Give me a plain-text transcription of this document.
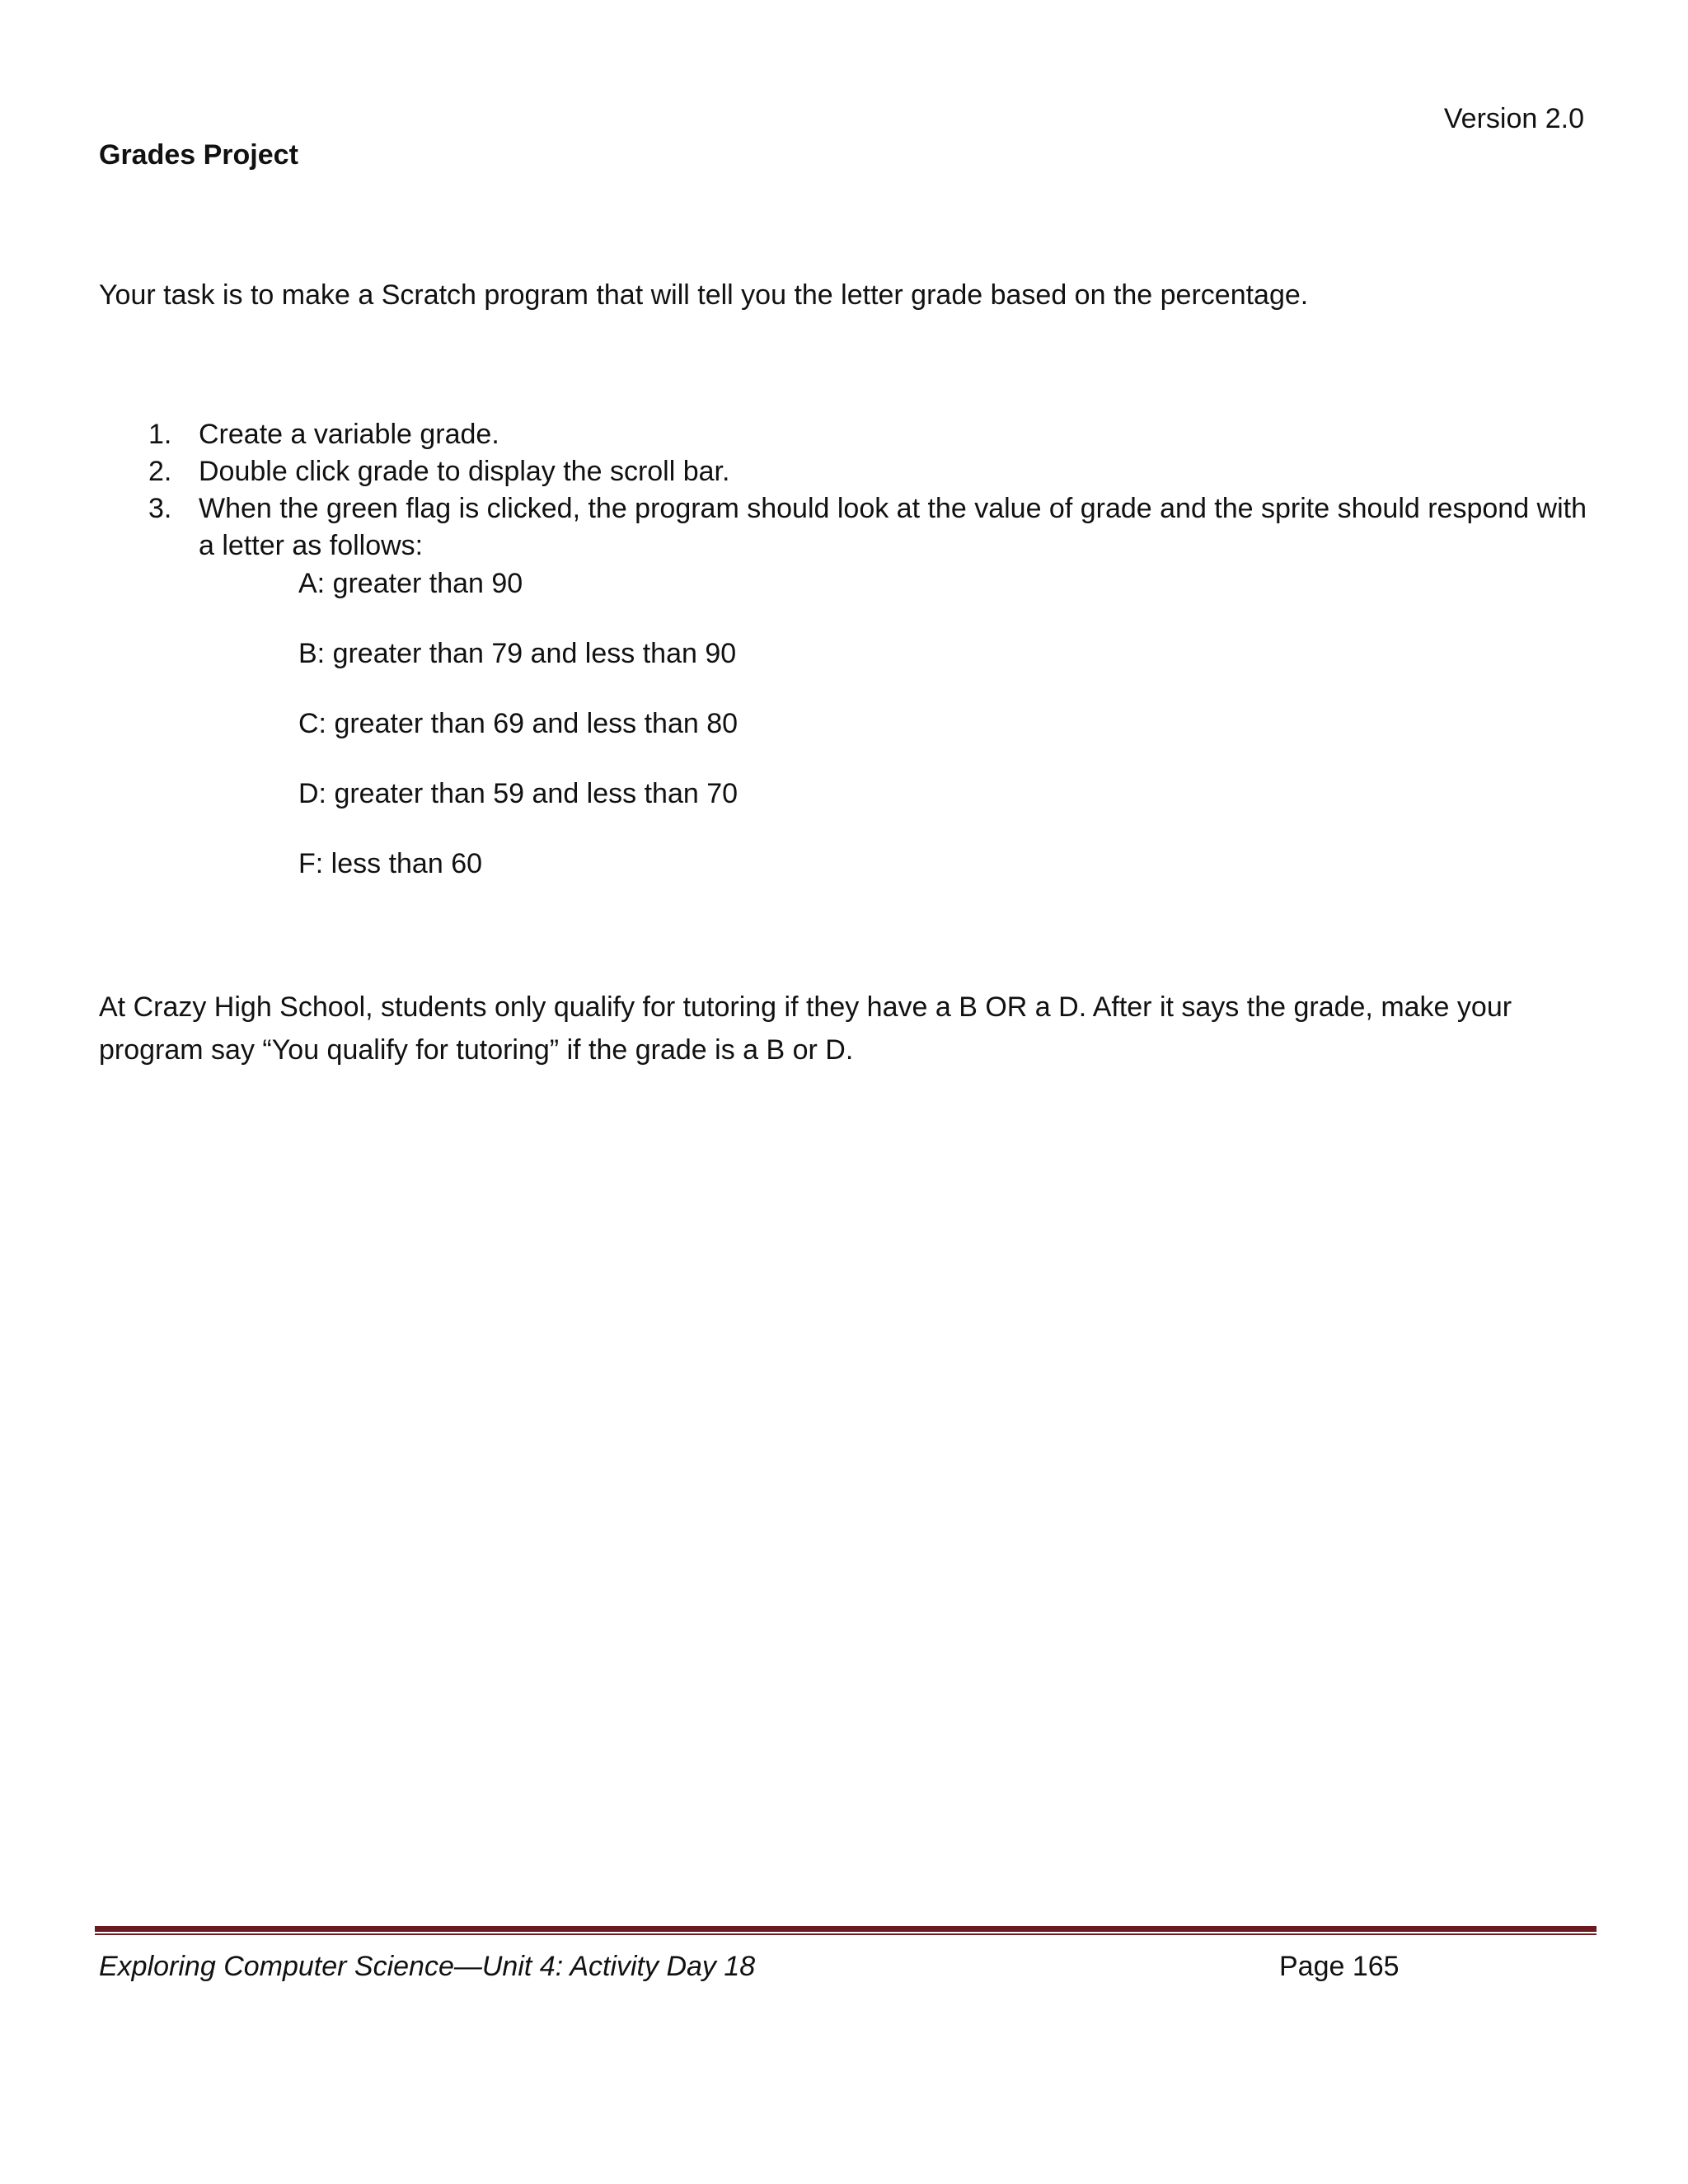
Version 2.0
Grades Project
Your task is to make a Scratch program that will tell you the letter grade based on the percentage.
1. Create a variable grade.
2. Double click grade to display the scroll bar.
3. When the green flag is clicked, the program should look at the value of grade and the sprite should respond with a letter as follows:
A: greater than 90
B: greater than 79 and less than 90
C: greater than 69 and less than 80
D: greater than 59 and less than 70
F: less than 60
At Crazy High School, students only qualify for tutoring if they have a B OR a D. After it says the grade, make your program say “You qualify for tutoring” if the grade is a B or D.
Exploring Computer Science—Unit 4: Activity Day 18	Page 165
